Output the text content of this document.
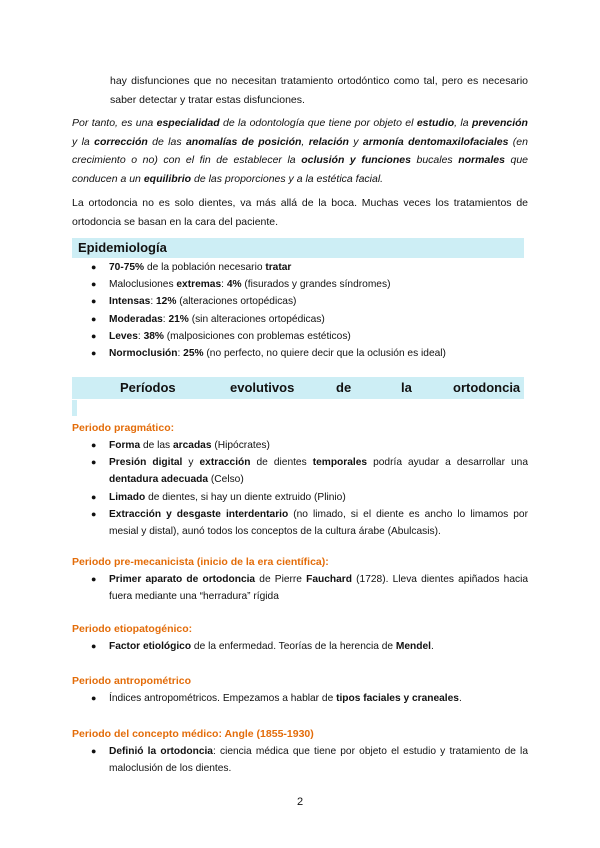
hay disfunciones que no necesitan tratamiento ortodóntico como tal, pero es necesario saber detectar y tratar estas disfunciones.

Por tanto, es una especialidad de la odontología que tiene por objeto el estudio, la prevención y la corrección de las anomalías de posición, relación y armonía dentomaxilofaciales (en crecimiento o no) con el fin de establecer la oclusión y funciones bucales normales que conducen a un equilibrio de las proporciones y a la estética facial.

La ortodoncia no es solo dientes, va más allá de la boca. Muchas veces los tratamientos de ortodoncia se basan en la cara del paciente.

Epidemiología
● 70-75% de la población necesario tratar
● Maloclusiones extremas: 4% (fisurados y grandes síndromes)
● Intensas: 12% (alteraciones ortopédicas)
● Moderadas: 21% (sin alteraciones ortopédicas)
● Leves: 38% (malposiciones con problemas estéticos)
● Normoclusión: 25% (no perfecto, no quiere decir que la oclusión es ideal)
Períodos	evolutivos	de	la	ortodoncia
Periodo pragmático:
● Forma de las arcadas (Hipócrates)
● Presión digital y extracción de dientes temporales podría ayudar a desarrollar una dentadura adecuada (Celso)
● Limado de dientes, si hay un diente extruido (Plinio)
● Extracción y desgaste interdentario (no limado, si el diente es ancho lo limamos por mesial y distal), aunó todos los conceptos de la cultura árabe (Abulcasis).
Periodo pre-mecanicista (inicio de la era científica):
● Primer aparato de ortodoncia de Pierre Fauchard (1728). Lleva dientes apiñados hacia fuera mediante una “herradura” rígida
Periodo etiopatogénico:
● Factor etiológico de la enfermedad. Teorías de la herencia de Mendel.
Periodo antropométrico
● Índices antropométricos. Empezamos a hablar de tipos faciales y craneales.
Periodo del concepto médico: Angle (1855-1930)
● Definió la ortodoncia: ciencia médica que tiene por objeto el estudio y tratamiento de la maloclusión de los dientes.
2
